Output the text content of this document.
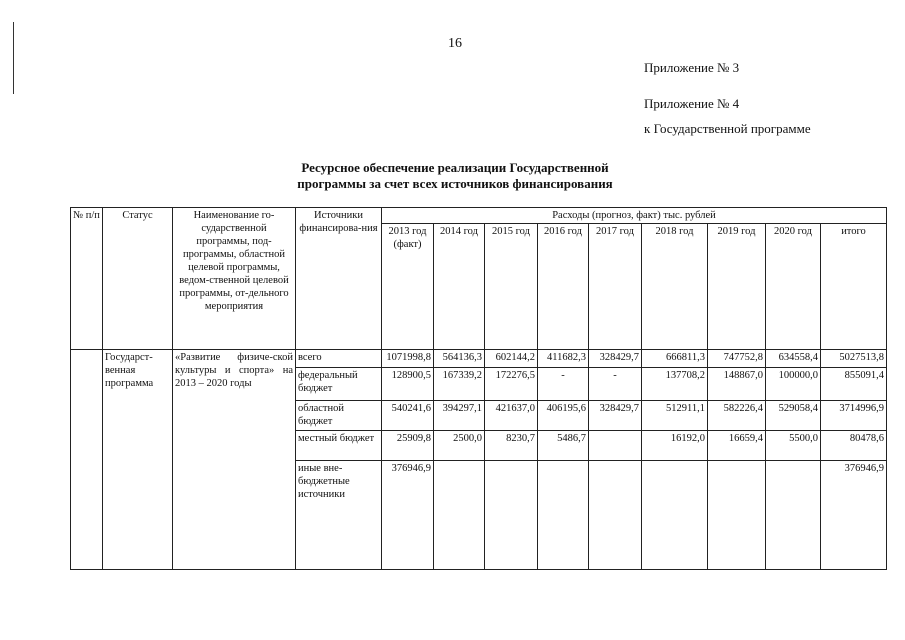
16
Приложение № 3
Приложение № 4
к Государственной программе
Ресурсное обеспечение реализации Государственной
программы за счет всех источников финансирования
№ п/п	Статус	Наименование го-сударственной программы, под-программы, областной целевой программы, ведом-ственной целевой программы, от-дельного мероприятия	Источники финансирова-ния	Расходы (прогноз, факт) тыс. рублей								
				2013 год (факт)	2014 год	2015 год	2016 год	2017 год	2018 год	2019 год	2020 год	итого
	Государст-венная программа	«Развитие физиче-ской культуры и спорта» на 2013 – 2020 годы	всего	1071998,8	564136,3	602144,2	411682,3	328429,7	666811,3	747752,8	634558,4	5027513,8
			федеральный бюджет	128900,5	167339,2	172276,5	-	-	137708,2	148867,0	100000,0	855091,4
			областной бюджет	540241,6	394297,1	421637,0	406195,6	328429,7	512911,1	582226,4	529058,4	3714996,9
			местный бюджет	25909,8	2500,0	8230,7	5486,7		16192,0	16659,4	5500,0	80478,6
			иные вне-бюджетные источники	376946,9								376946,9
